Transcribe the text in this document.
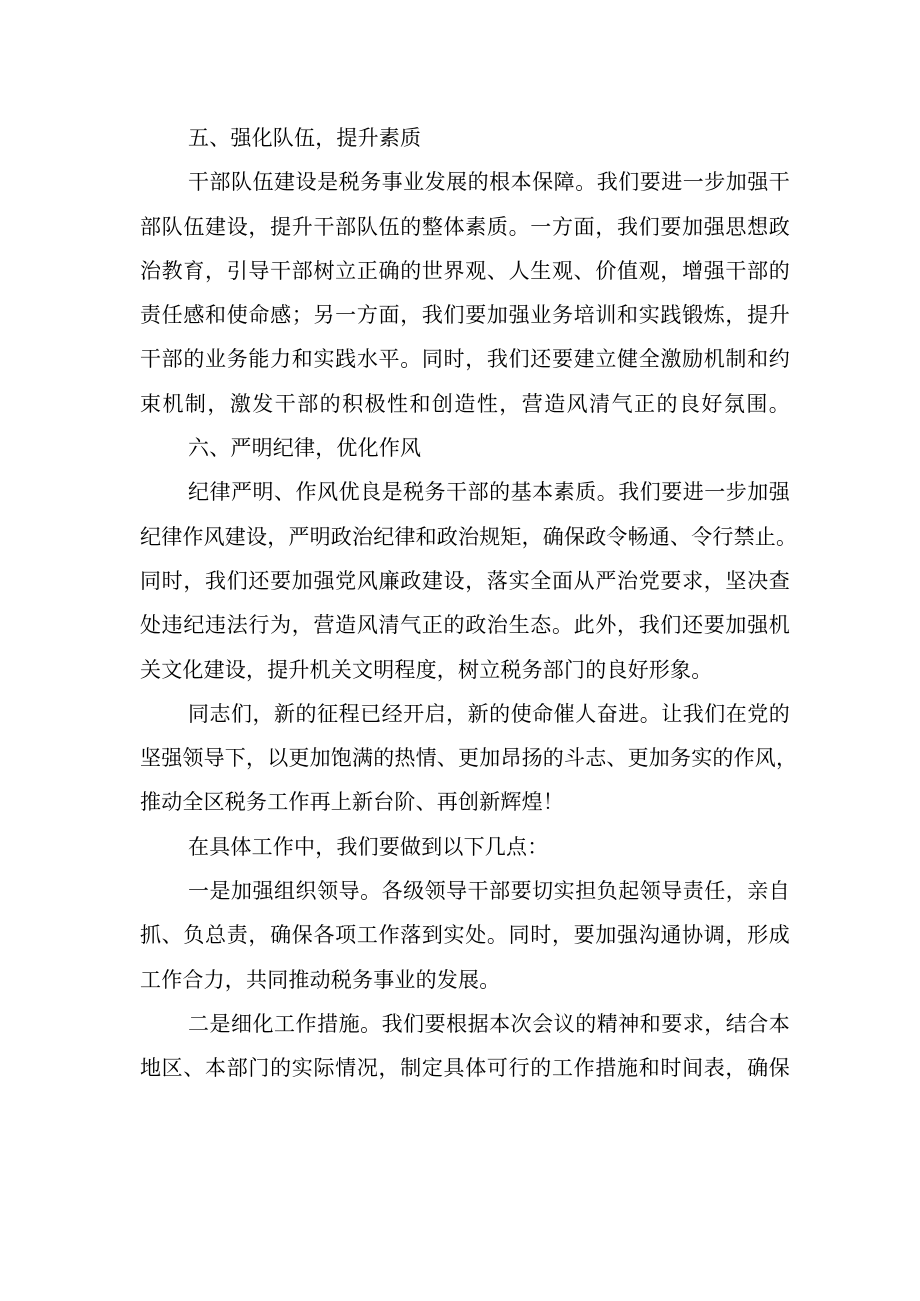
五、强化队伍，提升素质
干部队伍建设是税务事业发展的根本保障。我们要进一步加强干
部队伍建设，提升干部队伍的整体素质。一方面，我们要加强思想政
治教育，引导干部树立正确的世界观、人生观、价值观，增强干部的
责任感和使命感；另一方面，我们要加强业务培训和实践锻炼，提升
干部的业务能力和实践水平。同时，我们还要建立健全激励机制和约
束机制，激发干部的积极性和创造性，营造风清气正的良好氛围。
六、严明纪律，优化作风
纪律严明、作风优良是税务干部的基本素质。我们要进一步加强
纪律作风建设，严明政治纪律和政治规矩，确保政令畅通、令行禁止。
同时，我们还要加强党风廉政建设，落实全面从严治党要求，坚决查
处违纪违法行为，营造风清气正的政治生态。此外，我们还要加强机
关文化建设，提升机关文明程度，树立税务部门的良好形象。
同志们，新的征程已经开启，新的使命催人奋进。让我们在党的
坚强领导下，以更加饱满的热情、更加昂扬的斗志、更加务实的作风，
推动全区税务工作再上新台阶、再创新辉煌！
在具体工作中，我们要做到以下几点：
一是加强组织领导。各级领导干部要切实担负起领导责任，亲自
抓、负总责，确保各项工作落到实处。同时，要加强沟通协调，形成
工作合力，共同推动税务事业的发展。
二是细化工作措施。我们要根据本次会议的精神和要求，结合本
地区、本部门的实际情况，制定具体可行的工作措施和时间表，确保
